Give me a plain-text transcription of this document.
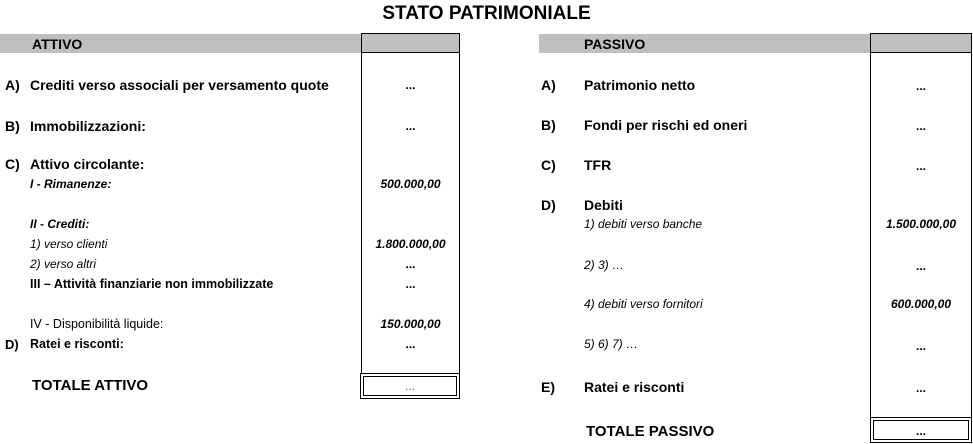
STATO PATRIMONIALE
ATTIVO	PASSIVO
A) Crediti verso associali per versamento quote	...
B) Immobilizzazioni:	...
C) Attivo circolante:
I - Rimanenze:	500.000,00
II - Crediti:
1) verso clienti	1.800.000,00
2) verso altri	...
III – Attività finanziarie non immobilizzate	...
IV - Disponibilità liquide:	150.000,00
D) Ratei e risconti:	...
TOTALE ATTIVO	...
A) Patrimonio netto	...
B) Fondi per rischi ed oneri	...
C) TFR	...
D) Debiti
1) debiti verso banche	1.500.000,00
2) 3) …	...
4) debiti verso fornitori	600.000,00
5) 6) 7) …	...
E) Ratei e risconti	...
TOTALE PASSIVO	...
